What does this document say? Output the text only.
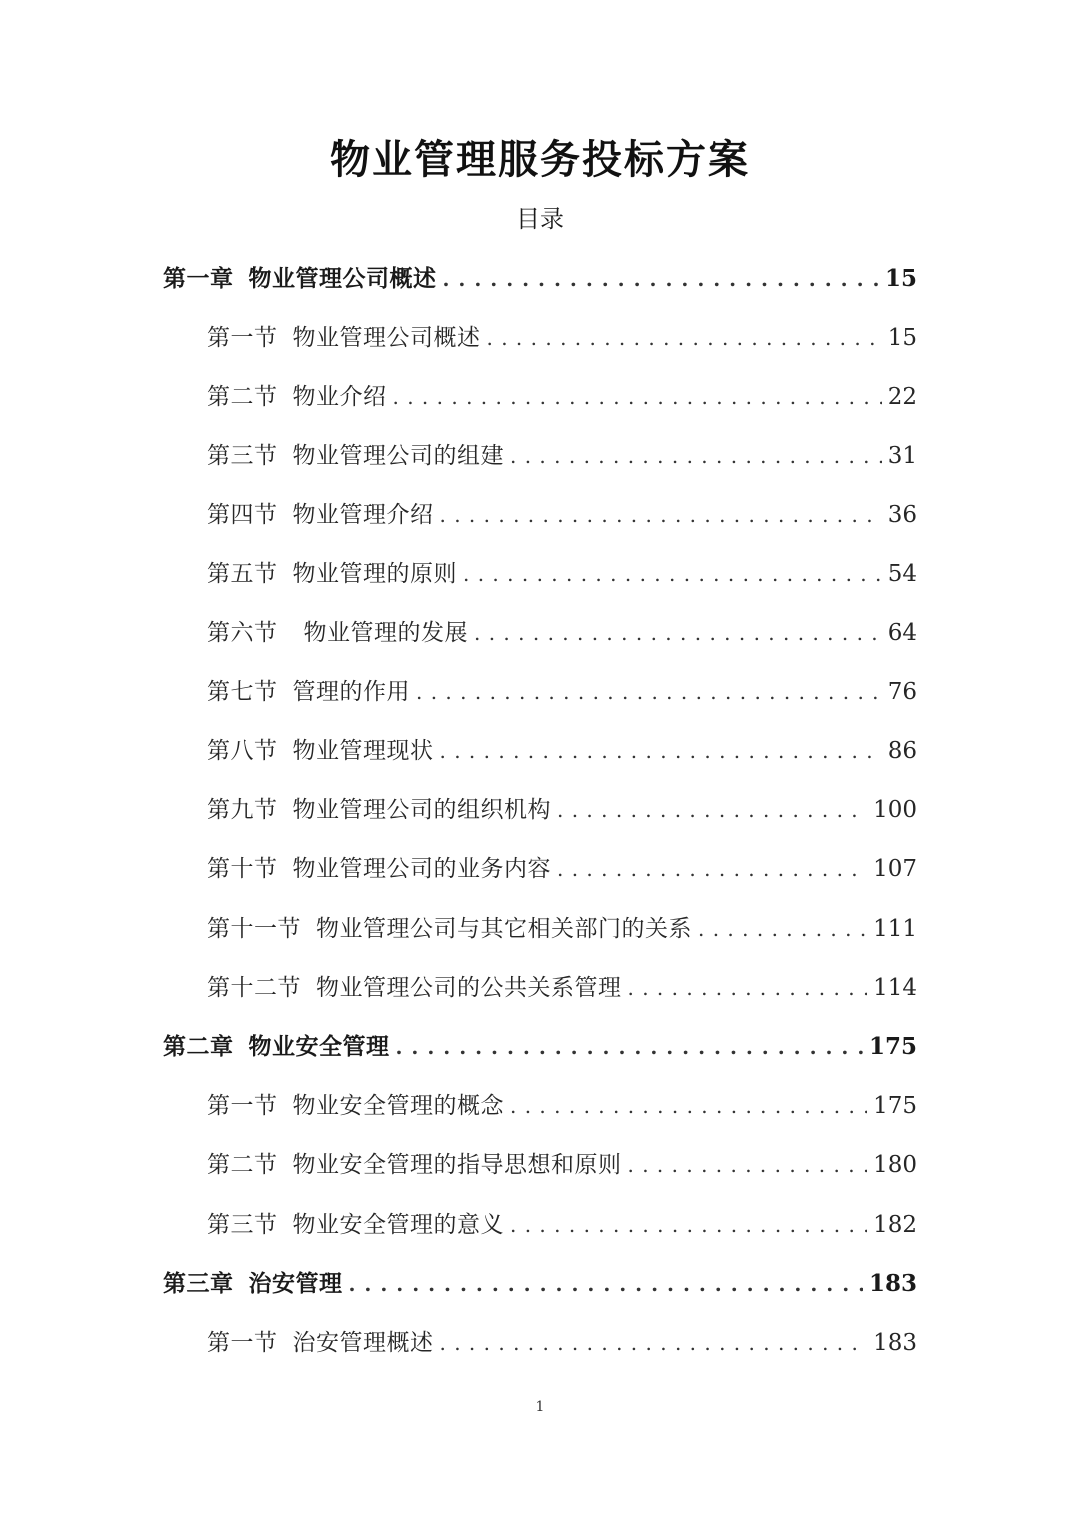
物业管理服务投标方案
目录
第一章 物业管理公司概述 . . .	15
第一节 物业管理公司概述 . . .	15
第二节 物业介绍 . . .	22
第三节 物业管理公司的组建 . . .	31
第四节 物业管理介绍 . . .	36
第五节 物业管理的原则 . . .	54
第六节 物业管理的发展 . . .	64
第七节 管理的作用 . . .	76
第八节 物业管理现状 . . .	86
第九节 物业管理公司的组织机构 . . .	100
第十节 物业管理公司的业务内容 . . .	107
第十一节 物业管理公司与其它相关部门的关系 . . .	111
第十二节 物业管理公司的公共关系管理 . . .	114
第二章 物业安全管理 . . .	175
第一节 物业安全管理的概念 . . .	175
第二节 物业安全管理的指导思想和原则 . . .	180
第三节 物业安全管理的意义 . . .	182
第三章 治安管理 . . .	183
第一节 治安管理概述 . . .	183
1
